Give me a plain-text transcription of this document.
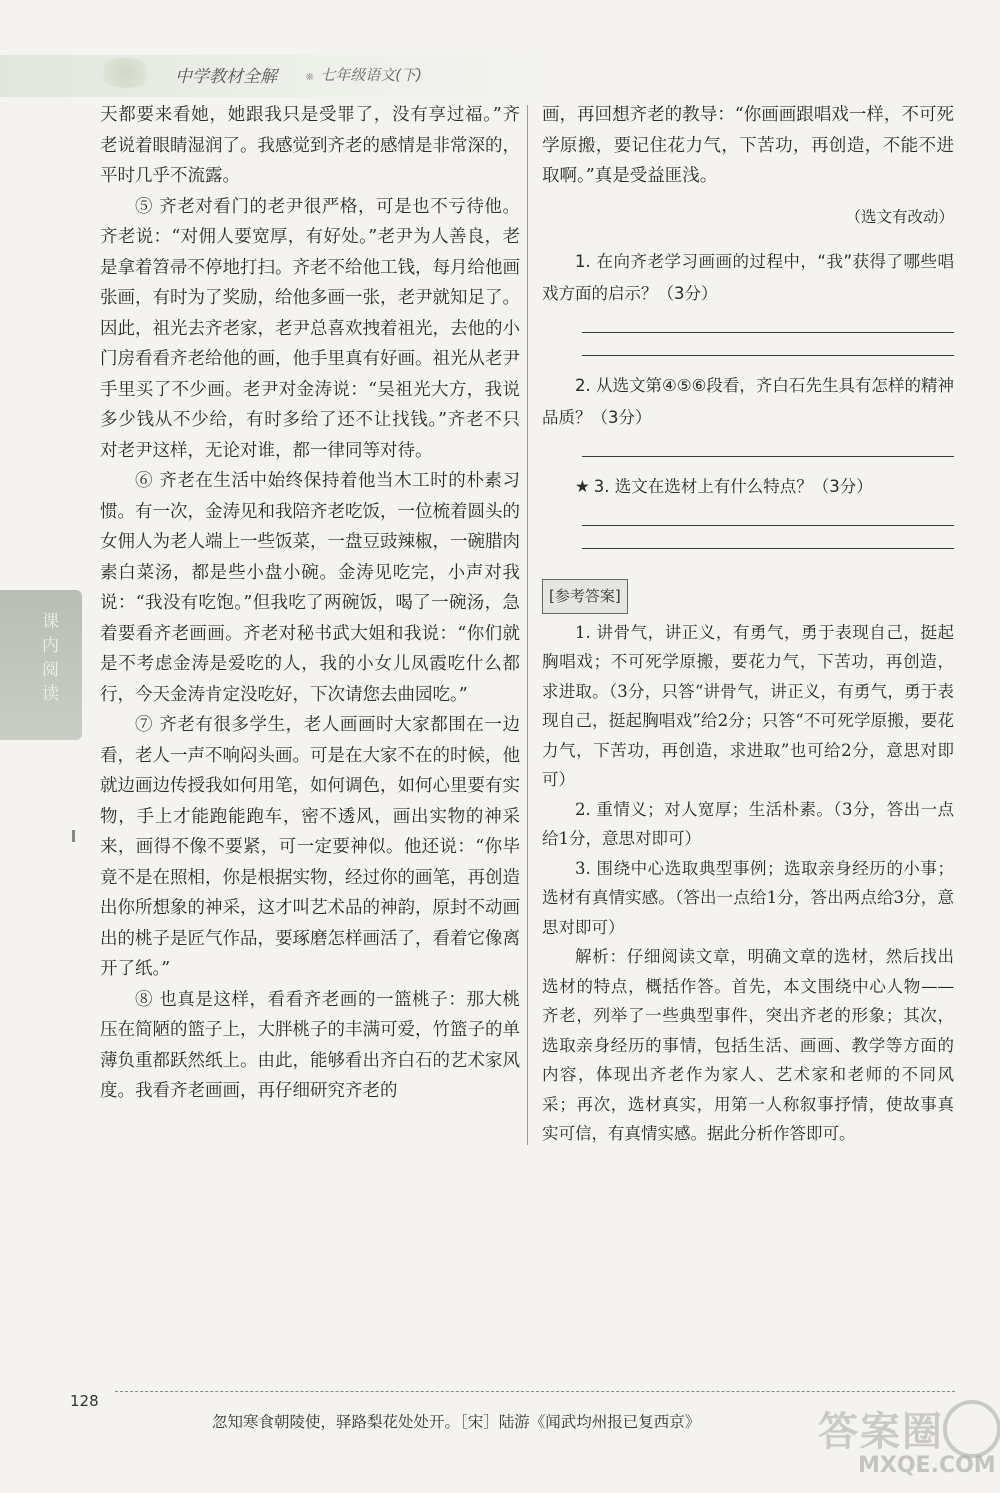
中学教材全解
※	七年级语文(下)
课内阅读

天都要来看她，她跟我只是受罪了，没有享过福。”齐老说着眼睛湿润了。我感觉到齐老的感情是非常深的，平时几乎不流露。

⑤ 齐老对看门的老尹很严格，可是也不亏待他。齐老说：“对佣人要宽厚，有好处。”老尹为人善良，老是拿着笤帚不停地打扫。齐老不给他工钱，每月给他画张画，有时为了奖励，给他多画一张，老尹就知足了。因此，祖光去齐老家，老尹总喜欢拽着祖光，去他的小门房看看齐老给他的画，他手里真有好画。祖光从老尹手里买了不少画。老尹对金涛说：“吴祖光大方，我说多少钱从不少给，有时多给了还不让找钱。”齐老不只对老尹这样，无论对谁，都一律同等对待。

⑥ 齐老在生活中始终保持着他当木工时的朴素习惯。有一次，金涛见和我陪齐老吃饭，一位梳着圆头的女佣人为老人端上一些饭菜，一盘豆豉辣椒，一碗腊肉素白菜汤，都是些小盘小碗。金涛见吃完，小声对我说：“我没有吃饱。”但我吃了两碗饭，喝了一碗汤，急着要看齐老画画。齐老对秘书武大姐和我说：“你们就是不考虑金涛是爱吃的人，我的小女儿凤霞吃什么都行，今天金涛肯定没吃好，下次请您去曲园吃。”

⑦ 齐老有很多学生，老人画画时大家都围在一边看，老人一声不响闷头画。可是在大家不在的时候，他就边画边传授我如何用笔，如何调色，如何心里要有实物，手上才能跑能跑车，密不透风，画出实物的神采来，画得不像不要紧，可一定要神似。他还说：“你毕竟不是在照相，你是根据实物，经过你的画笔，再创造出你所想象的神采，这才叫艺术品的神韵，原封不动画出的桃子是匠气作品，要琢磨怎样画活了，看着它像离开了纸。”

⑧ 也真是这样，看看齐老画的一篮桃子：那大桃压在简陋的篮子上，大胖桃子的丰满可爱，竹篮子的单薄负重都跃然纸上。由此，能够看出齐白石的艺术家风度。我看齐老画画，再仔细研究齐老的

画，再回想齐老的教导：“你画画跟唱戏一样，不可死学原搬，要记住花力气，下苦功，再创造，不能不进取啊。”真是受益匪浅。

（选文有改动）

1. 在向齐老学习画画的过程中，“我”获得了哪些唱戏方面的启示？（3分）

2. 从选文第④⑤⑥段看，齐白石先生具有怎样的精神品质？（3分）

★ 3. 选文在选材上有什么特点？（3分）

[参考答案]

1. 讲骨气，讲正义，有勇气，勇于表现自己，挺起胸唱戏；不可死学原搬，要花力气，下苦功，再创造，求进取。（3分，只答“讲骨气，讲正义，有勇气，勇于表现自己，挺起胸唱戏”给2分；只答“不可死学原搬，要花力气，下苦功，再创造，求进取”也可给2分，意思对即可）

2. 重情义；对人宽厚；生活朴素。（3分，答出一点给1分，意思对即可）

3. 围绕中心选取典型事例；选取亲身经历的小事；选材有真情实感。（答出一点给1分，答出两点给3分，意思对即可）

解析：仔细阅读文章，明确文章的选材，然后找出选材的特点，概括作答。首先，本文围绕中心人物——齐老，列举了一些典型事件，突出齐老的形象；其次，选取亲身经历的事情，包括生活、画画、教学等方面的内容，体现出齐老作为家人、艺术家和老师的不同风采；再次，选材真实，用第一人称叙事抒情，使故事真实可信，有真情实感。据此分析作答即可。

128
忽知寒食朝陵使，驿路梨花处处开。［宋］陆游《闻武均州报已复西京》	答案圈
MXQE.COM
